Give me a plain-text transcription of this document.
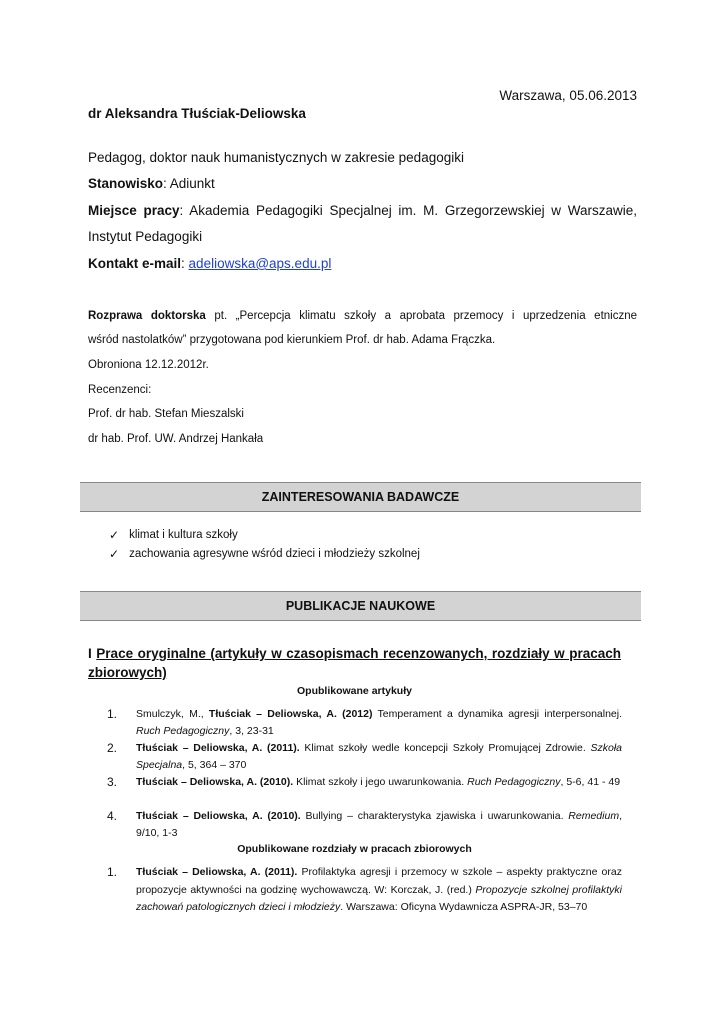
Warszawa, 05.06.2013
dr Aleksandra Tłuściak-Deliowska
Pedagog, doktor nauk humanistycznych w zakresie pedagogiki
Stanowisko: Adiunkt
Miejsce pracy: Akademia Pedagogiki Specjalnej im. M. Grzegorzewskiej w Warszawie,
Instytut Pedagogiki
Kontakt e-mail: adeliowska@aps.edu.pl
Rozprawa doktorska pt. „Percepcja klimatu szkoły a aprobata przemocy i uprzedzenia etniczne
wśród nastolatków” przygotowana pod kierunkiem Prof. dr hab. Adama Frączka.
Obroniona 12.12.2012r.
Recenzenci:
Prof. dr hab. Stefan Mieszalski
dr hab. Prof. UW. Andrzej Hankała
ZAINTERESOWANIA BADAWCZE
✓ klimat i kultura szkoły
✓ zachowania agresywne wśród dzieci i młodzieży szkolnej
PUBLIKACJE NAUKOWE
I Prace oryginalne (artykuły w czasopismach recenzowanych, rozdziały w pracach zbiorowych)
Opublikowane artykuły
1. Smulczyk, M., Tłuściak – Deliowska, A. (2012) Temperament a dynamika agresji interpersonalnej. Ruch Pedagogiczny, 3, 23-31
2. Tłuściak – Deliowska, A. (2011). Klimat szkoły wedle koncepcji Szkoły Promującej Zdrowie. Szkoła Specjalna, 5, 364 – 370
3. Tłuściak – Deliowska, A. (2010). Klimat szkoły i jego uwarunkowania. Ruch Pedagogiczny, 5-6, 41 - 49
4. Tłuściak – Deliowska, A. (2010). Bullying – charakterystyka zjawiska i uwarunkowania. Remedium, 9/10, 1-3
Opublikowane rozdziały w pracach zbiorowych
1. Tłuściak – Deliowska, A. (2011). Profilaktyka agresji i przemocy w szkole – aspekty praktyczne oraz propozycje aktywności na godzinę wychowawczą. W: Korczak, J. (red.) Propozycje szkolnej profilaktyki zachowań patologicznych dzieci i młodzieży. Warszawa: Oficyna Wydawnicza ASPRA-JR, 53–70
